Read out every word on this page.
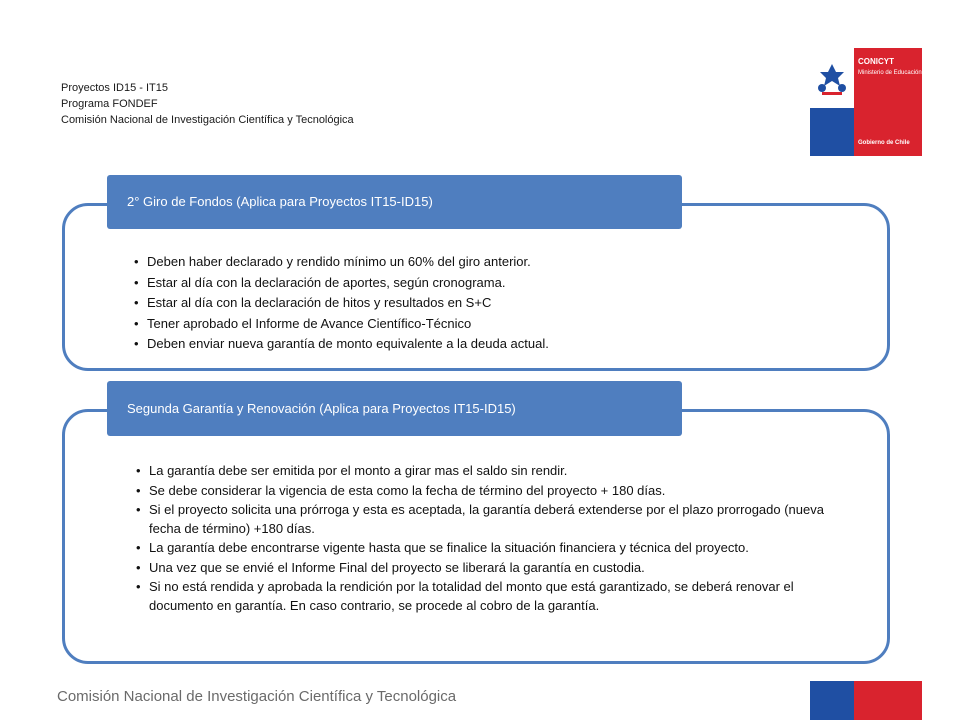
Proyectos ID15 - IT15
Programa FONDEF
Comisión Nacional de Investigación Científica y Tecnológica
CONICYT
Ministerio de Educación
Gobierno de Chile
2° Giro de Fondos (Aplica para Proyectos IT15-ID15)
• Deben haber declarado y rendido mínimo un 60% del giro anterior.
• Estar al día con la declaración de aportes, según cronograma.
• Estar al día con la declaración de hitos y resultados en S+C
• Tener aprobado el Informe de Avance Científico-Técnico
• Deben enviar nueva garantía de monto equivalente a la deuda actual.
Segunda Garantía y Renovación (Aplica para Proyectos IT15-ID15)
• La garantía debe ser emitida por el monto a girar mas el saldo sin rendir.
• Se debe considerar la vigencia de esta como la fecha de término del proyecto + 180 días.
• Si el proyecto solicita una prórroga y esta es aceptada, la garantía deberá extenderse por el plazo prorrogado (nueva fecha de término) +180 días.
• La garantía debe encontrarse vigente hasta que se finalice la situación financiera y técnica del proyecto.
• Una vez que se envié el Informe Final del proyecto se liberará la garantía en custodia.
• Si no está rendida y aprobada la rendición por la totalidad del monto que está garantizado, se deberá renovar el documento en garantía. En caso contrario, se procede al cobro de la garantía.
Comisión Nacional de Investigación Científica y Tecnológica
